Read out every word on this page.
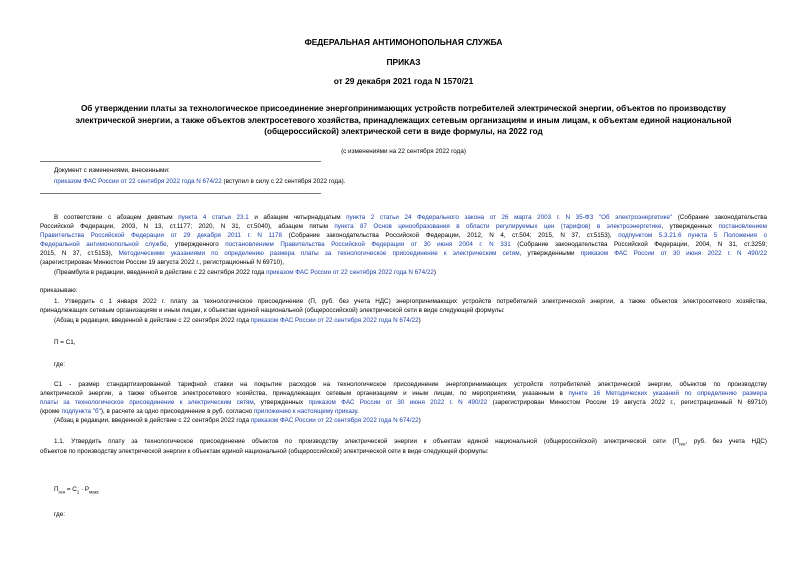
ФЕДЕРАЛЬНАЯ АНТИМОНОПОЛЬНАЯ СЛУЖБА
ПРИКАЗ
от 29 декабря 2021 года N 1570/21
Об утверждении платы за технологическое присоединение энергопринимающих устройств потребителей электрической энергии, объектов по производству
электрической энергии, а также объектов электросетевого хозяйства, принадлежащих сетевым организациям и иным лицам, к объектам единой национальной
(общероссийской) электрической сети в виде формулы, на 2022 год
(с изменениями на 22 сентября 2022 года)
Документ с изменениями, внесенными:
приказом ФАС России от 22 сентября 2022 года N 674/22 (вступил в силу с 22 сентября 2022 года).
В соответствии с абзацем девятым пункта 4 статьи 23.1 и абзацем четырнадцатым пункта 2 статьи 24 Федерального закона от 26 марта 2003 г. N 35-ФЗ "Об электроэнергетике" (Собрание законодательства
Российской Федерации, 2003, N 13, ст.1177; 2020, N 31, ст.5040), абзацем пятым пункта 87 Основ ценообразования в области регулируемых цен (тарифов) в электроэнергетике, утвержденных постановлением
Правительства Российской Федерации от 29 декабря 2011 г. N 1178 (Собрание законодательства Российской Федерации, 2012, N 4, ст.504; 2015, N 37, ст.5153), подпунктом 5.3.21.6 пункта 5 Положения о
Федеральной антимонопольной службе, утвержденного постановлением Правительства Российской Федерации от 30 июня 2004 г. N 331 (Собрание законодательства Российской Федерации, 2004, N 31, ст.3259;
2015, N 37, ст.5153), Методическими указаниями по определению размера платы за технологическое присоединение к электрическим сетям, утвержденными приказом ФАС России от 30 июня 2022 г. N 490/22
(зарегистрирован Минюстом России 19 августа 2022 г., регистрационный N 69710),
(Преамбула в редакции, введенной в действие с 22 сентября 2022 года приказом ФАС России от 22 сентября 2022 года N 674/22)
приказываю:
1. Утвердить с 1 января 2022 г. плату за технологическое присоединение (П, руб. без учета НДС) энергопринимающих устройств потребителей электрической энергии, а также объектов электросетевого хозяйства,
принадлежащих сетевым организациям и иным лицам, к объектам единой национальной (общероссийской) электрической сети в виде следующей формулы:
(Абзац в редакции, введенной в действие с 22 сентября 2022 года приказом ФАС России от 22 сентября 2022 года N 674/22)
П = С1,
где:
С1 - размер стандартизированной тарифной ставки на покрытие расходов на технологическое присоединение энергопринимающих устройств потребителей электрической энергии, объектов по производству
электрической энергии, а также объектов электросетевого хозяйства, принадлежащих сетевым организациям и иным лицам, по мероприятиям, указанным в пункте 16 Методических указаний по определению размера
платы за технологическое присоединение к электрическим сетям, утвержденных приказом ФАС России от 30 июня 2022 г. N 490/22 (зарегистрирован Минюстом России 19 августа 2022 г., регистрационный N 69710)
(кроме подпункта "б"), в расчете за одно присоединение в руб. согласно приложению к настоящему приказу.
(Абзац в редакции, введенной в действие с 22 сентября 2022 года приказом ФАС России от 22 сентября 2022 года N 674/22)
1.1. Утвердить плату за технологическое присоединение объектов по производству электрической энергии к объектам единой национальной (общероссийской) электрической сети ($П_{ген}$, руб. без учета НДС)
объектов по производству электрической энергии к объектам единой национальной (общероссийской) электрической сети в виде следующей формулы:
$П_{ген} = С_1 \cdot P_{макс}$
где:
